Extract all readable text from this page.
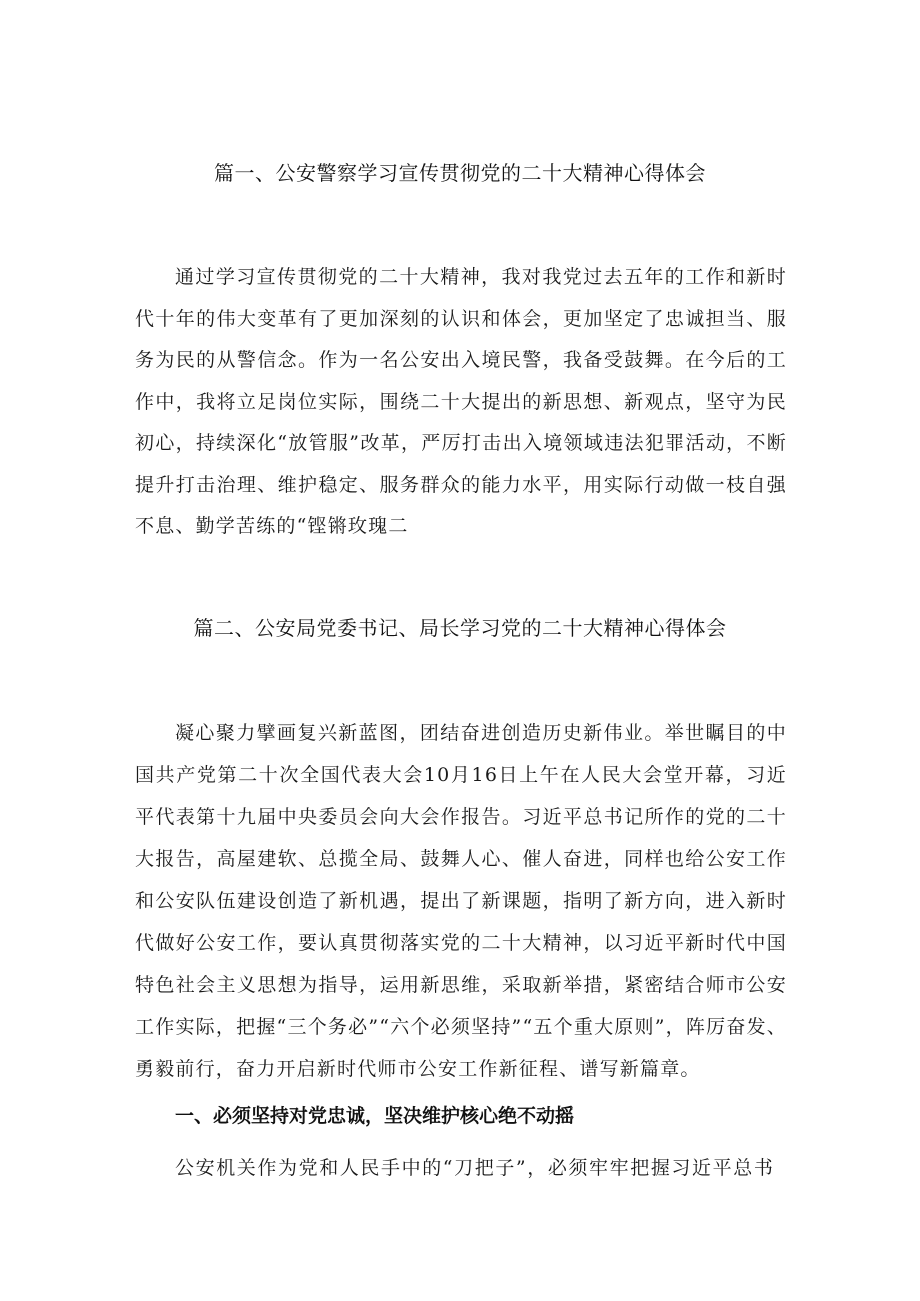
篇一、公安警察学习宣传贯彻党的二十大精神心得体会

通过学习宣传贯彻党的二十大精神，我对我党过去五年的工作和新时代十年的伟大变革有了更加深刻的认识和体会，更加坚定了忠诚担当、服务为民的从警信念。作为一名公安出入境民警，我备受鼓舞。在今后的工作中，我将立足岗位实际，围绕二十大提出的新思想、新观点，坚守为民初心，持续深化“放管服”改革，严厉打击出入境领域违法犯罪活动，不断提升打击治理、维护稳定、服务群众的能力水平，用实际行动做一枝自强不息、勤学苦练的“铿锵玫瑰二

篇二、公安局党委书记、局长学习党的二十大精神心得体会

凝心聚力擘画复兴新蓝图，团结奋进创造历史新伟业。举世瞩目的中国共产党第二十次全国代表大会10月16日上午在人民大会堂开幕，习近平代表第十九届中央委员会向大会作报告。习近平总书记所作的党的二十大报告，高屋建软、总揽全局、鼓舞人心、催人奋进，同样也给公安工作和公安队伍建设创造了新机遇，提出了新课题，指明了新方向，进入新时代做好公安工作，要认真贯彻落实党的二十大精神，以习近平新时代中国特色社会主义思想为指导，运用新思维，采取新举措，紧密结合师市公安工作实际，把握“三个务必”“六个必须坚持”“五个重大原则”，阵厉奋发、勇毅前行，奋力开启新时代师市公安工作新征程、谱写新篇章。

一、必须坚持对党忠诚，坚决维护核心绝不动摇

公安机关作为党和人民手中的“刀把子”，必须牢牢把握习近平总书
